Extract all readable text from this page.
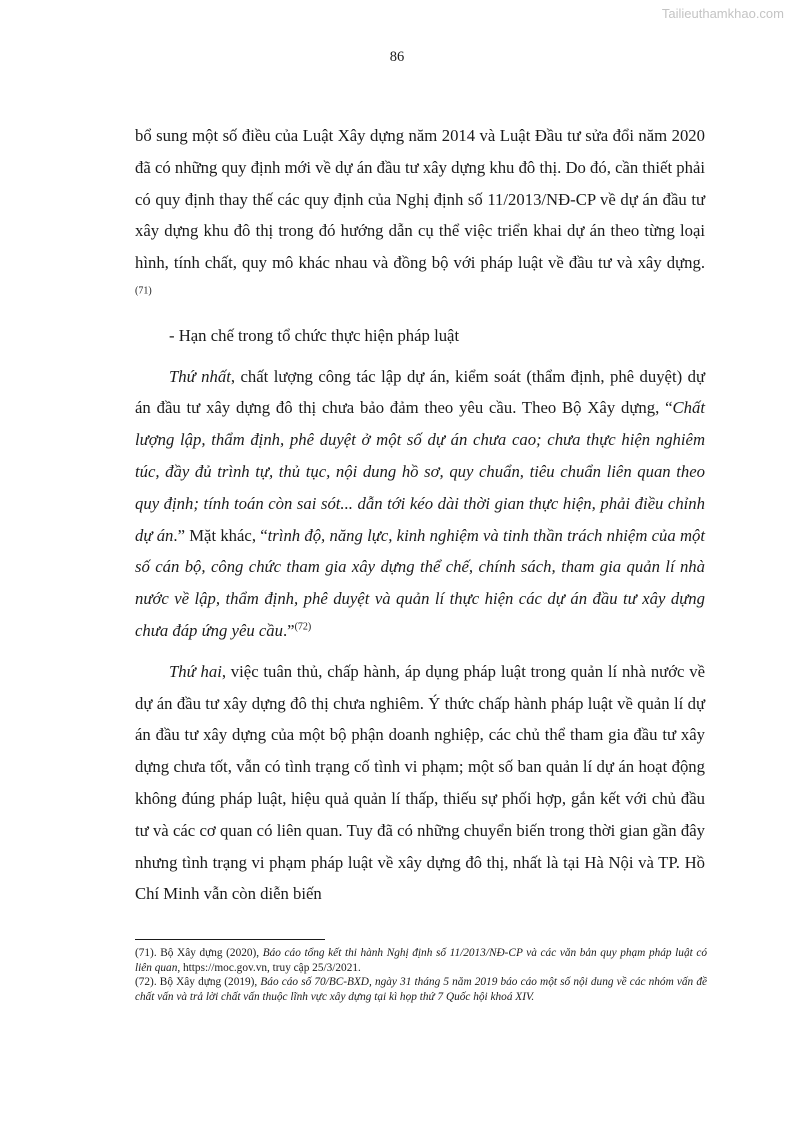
Tailieuthamkhao.com
86

bổ sung một số điều của Luật Xây dựng năm 2014 và Luật Đầu tư sửa đổi năm 2020 đã có những quy định mới về dự án đầu tư xây dựng khu đô thị. Do đó, cần thiết phải có quy định thay thế các quy định của Nghị định số 11/2013/NĐ-CP về dự án đầu tư xây dựng khu đô thị trong đó hướng dẫn cụ thể việc triển khai dự án theo từng loại hình, tính chất, quy mô khác nhau và đồng bộ với pháp luật về đầu tư và xây dựng.$^{(71)}$

- Hạn chế trong tổ chức thực hiện pháp luật

Thứ nhất, chất lượng công tác lập dự án, kiểm soát (thẩm định, phê duyệt) dự án đầu tư xây dựng đô thị chưa bảo đảm theo yêu cầu. Theo Bộ Xây dựng, “Chất lượng lập, thẩm định, phê duyệt ở một số dự án chưa cao; chưa thực hiện nghiêm túc, đầy đủ trình tự, thủ tục, nội dung hồ sơ, quy chuẩn, tiêu chuẩn liên quan theo quy định; tính toán còn sai sót... dẫn tới kéo dài thời gian thực hiện, phải điều chỉnh dự án.” Mặt khác, “trình độ, năng lực, kinh nghiệm và tinh thần trách nhiệm của một số cán bộ, công chức tham gia xây dựng thể chế, chính sách, tham gia quản lí nhà nước về lập, thẩm định, phê duyệt và quản lí thực hiện các dự án đầu tư xây dựng chưa đáp ứng yêu cầu.”$^{(72)}$

Thứ hai, việc tuân thủ, chấp hành, áp dụng pháp luật trong quản lí nhà nước về dự án đầu tư xây dựng đô thị chưa nghiêm. Ý thức chấp hành pháp luật về quản lí dự án đầu tư xây dựng của một bộ phận doanh nghiệp, các chủ thể tham gia đầu tư xây dựng chưa tốt, vẫn có tình trạng cố tình vi phạm; một số ban quản lí dự án hoạt động không đúng pháp luật, hiệu quả quản lí thấp, thiếu sự phối hợp, gắn kết với chủ đầu tư và các cơ quan có liên quan. Tuy đã có những chuyển biến trong thời gian gần đây nhưng tình trạng vi phạm pháp luật về xây dựng đô thị, nhất là tại Hà Nội và TP. Hồ Chí Minh vẫn còn diễn biến

(71). Bộ Xây dựng (2020), Báo cáo tổng kết thi hành Nghị định số 11/2013/NĐ-CP và các văn bản quy phạm pháp luật có liên quan, https://moc.gov.vn, truy cập 25/3/2021.

(72). Bộ Xây dựng (2019), Báo cáo số 70/BC-BXD, ngày 31 tháng 5 năm 2019 báo cáo một số nội dung về các nhóm vấn đề chất vấn và trả lời chất vấn thuộc lĩnh vực xây dựng tại kì họp thứ 7 Quốc hội khoá XIV.
